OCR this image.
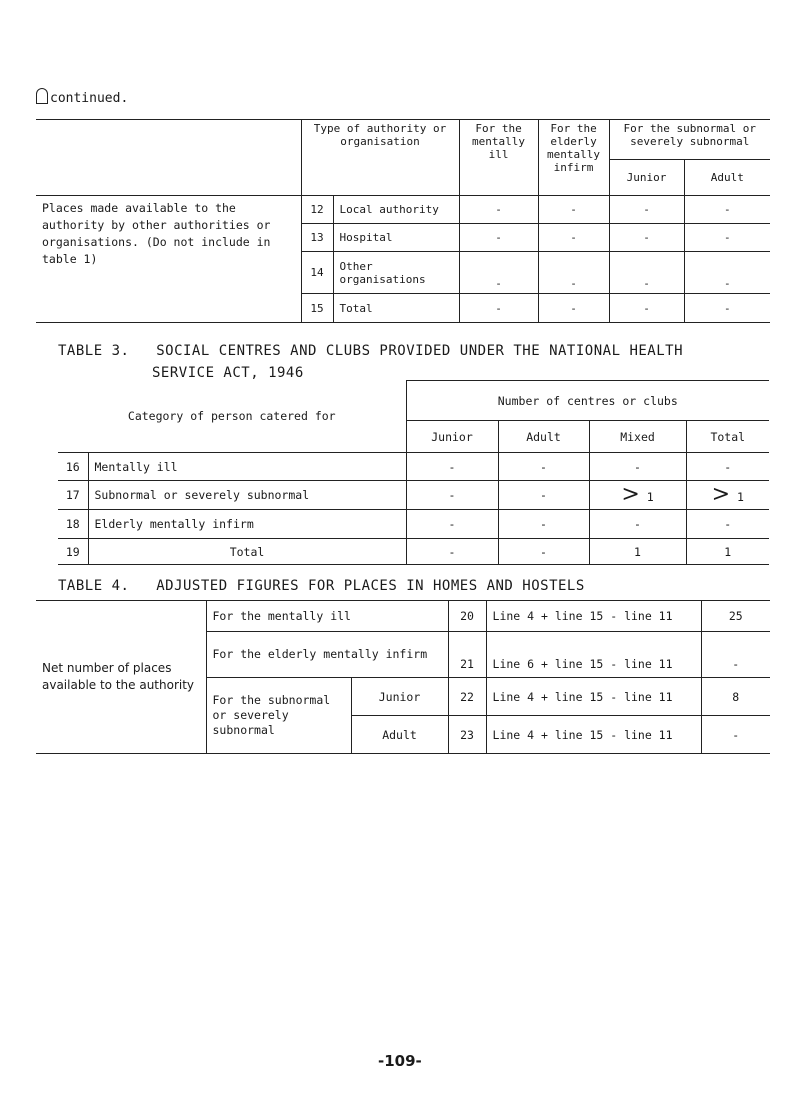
continued.
	Type of authority or organisation		For the mentally ill	For the elderly mentally infirm	For the subnormal or severely subnormal	
					Junior	Adult
Places made available to the authority by other authorities or organisations. (Do not include in table 1)	12	Local authority	-	-	-	-
	13	Hospital	-	-	-	-
	14	Other organisations	-	-	-	-
	15	Total	-	-	-	-
TABLE 3.   SOCIAL CENTRES AND CLUBS PROVIDED UNDER THE NATIONAL HEALTH
SERVICE ACT, 1946
Category of person catered for		Number of centres or clubs			
		Junior	Adult	Mixed	Total
16	Mentally ill	-	-	-	-
17	Subnormal or severely subnormal	-	-	> 1	> 1
18	Elderly mentally infirm	-	-	-	-
19	Total	-	-	1	1
TABLE 4.   ADJUSTED FIGURES FOR PLACES IN HOMES AND HOSTELS
Net number of places available to the authority	For the mentally ill		20	Line 4 + line 15 - line 11	25
	For the elderly mentally infirm		21	Line 6 + line 15 - line 11	-
	For the subnormal or severely subnormal	Junior	22	Line 4 + line 15 - line 11	8
		Adult	23	Line 4 + line 15 - line 11	-
-109-
